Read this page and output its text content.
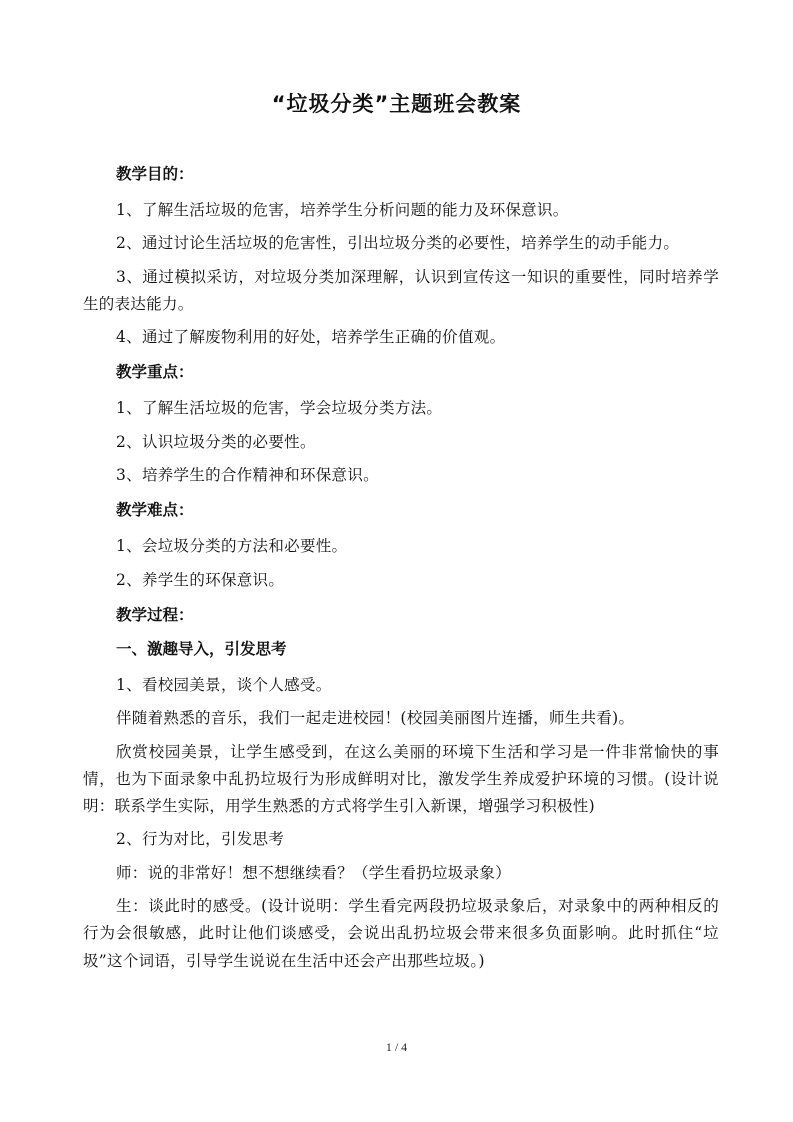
“垃圾分类”主题班会教案
教学目的：

1、了解生活垃圾的危害，培养学生分析问题的能力及环保意识。

2、通过讨论生活垃圾的危害性，引出垃圾分类的必要性，培养学生的动手能力。

3、通过模拟采访，对垃圾分类加深理解，认识到宣传这一知识的重要性，同时培养学生的表达能力。

4、通过了解废物利用的好处，培养学生正确的价值观。

教学重点：

1、了解生活垃圾的危害，学会垃圾分类方法。

2、认识垃圾分类的必要性。

3、培养学生的合作精神和环保意识。

教学难点：

1、会垃圾分类的方法和必要性。

2、养学生的环保意识。

教学过程：
一、激趣导入，引发思考

1、看校园美景，谈个人感受。

伴随着熟悉的音乐，我们一起走进校园！(校园美丽图片连播，师生共看)。

欣赏校园美景，让学生感受到，在这么美丽的环境下生活和学习是一件非常愉快的事情，也为下面录象中乱扔垃圾行为形成鲜明对比，激发学生养成爱护环境的习惯。(设计说明：联系学生实际，用学生熟悉的方式将学生引入新课，增强学习积极性)

2、行为对比，引发思考

师：说的非常好！想不想继续看？（学生看扔垃圾录象）

生：谈此时的感受。(设计说明：学生看完两段扔垃圾录象后，对录象中的两种相反的行为会很敏感，此时让他们谈感受，会说出乱扔垃圾会带来很多负面影响。此时抓住“垃圾”这个词语，引导学生说说在生活中还会产出那些垃圾。)

1 / 4
